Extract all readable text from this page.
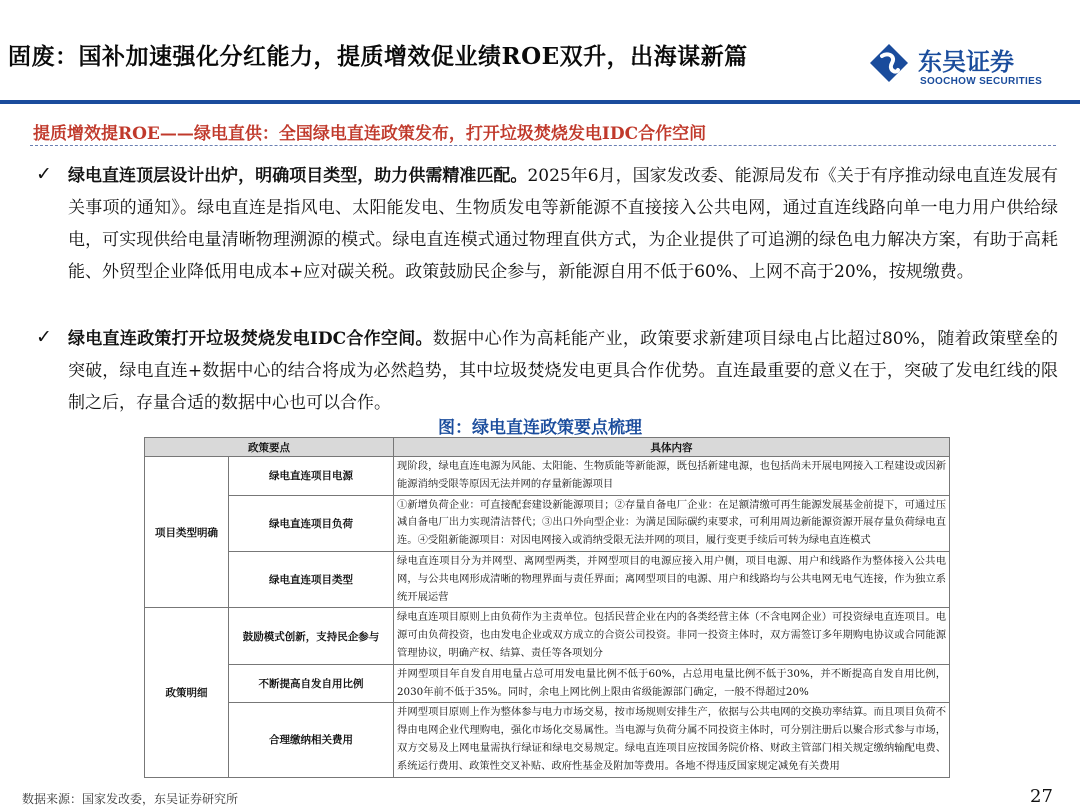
固废：国补加速强化分红能力，提质增效促业绩ROE双升，出海谋新篇	东吴证券
SOOCHOW SECURITIES
提质增效提ROE——绿电直供：全国绿电直连政策发布，打开垃圾焚烧发电IDC合作空间
✓ 绿电直连顶层设计出炉，明确项目类型，助力供需精准匹配。2025年6月，国家发改委、能源局发布《关于有序推动绿电直连发展有关事项的通知》。绿电直连是指风电、太阳能发电、生物质发电等新能源不直接接入公共电网，通过直连线路向单一电力用户供给绿电，可实现供给电量清晰物理溯源的模式。绿电直连模式通过物理直供方式，为企业提供了可追溯的绿色电力解决方案，有助于高耗能、外贸型企业降低用电成本+应对碳关税。政策鼓励民企参与，新能源自用不低于60%、上网不高于20%，按规缴费。
✓ 绿电直连政策打开垃圾焚烧发电IDC合作空间。数据中心作为高耗能产业，政策要求新建项目绿电占比超过80%，随着政策壁垒的突破，绿电直连+数据中心的结合将成为必然趋势，其中垃圾焚烧发电更具合作优势。直连最重要的意义在于，突破了发电红线的限制之后，存量合适的数据中心也可以合作。
图：绿电直连政策要点梳理
政策要点		具体内容
项目类型明确	绿电直连项目电源	现阶段，绿电直连电源为风能、太阳能、生物质能等新能源，既包括新建电源，也包括尚未开展电网接入工程建设或因新能源消纳受限等原因无法并网的存量新能源项目
	绿电直连项目负荷	①新增负荷企业：可直接配套建设新能源项目；②存量自备电厂企业：在足额清缴可再生能源发展基金前提下，可通过压减自备电厂出力实现清洁替代；③出口外向型企业：为满足国际碳约束要求，可利用周边新能源资源开展存量负荷绿电直连。④受阻新能源项目：对因电网接入或消纳受限无法并网的项目，履行变更手续后可转为绿电直连模式
	绿电直连项目类型	绿电直连项目分为并网型、离网型两类，并网型项目的电源应接入用户侧，项目电源、用户和线路作为整体接入公共电网，与公共电网形成清晰的物理界面与责任界面；离网型项目的电源、用户和线路均与公共电网无电气连接，作为独立系统开展运营
政策明细	鼓励模式创新，支持民企参与	绿电直连项目原则上由负荷作为主责单位。包括民营企业在内的各类经营主体（不含电网企业）可投资绿电直连项目。电源可由负荷投资，也由发电企业或双方成立的合资公司投资。非同一投资主体时，双方需签订多年期购电协议或合同能源管理协议，明确产权、结算、责任等各项划分
	不断提高自发自用比例	并网型项目年自发自用电量占总可用发电量比例不低于60%，占总用电量比例不低于30%，并不断提高自发自用比例，2030年前不低于35%。同时，余电上网比例上限由省级能源部门确定，一般不得超过20%
	合理缴纳相关费用	并网型项目原则上作为整体参与电力市场交易，按市场规则安排生产，依据与公共电网的交换功率结算。而且项目负荷不得由电网企业代理购电，强化市场化交易属性。当电源与负荷分属不同投资主体时，可分别注册后以聚合形式参与市场，双方交易及上网电量需执行绿证和绿电交易规定。绿电直连项目应按国务院价格、财政主管部门相关规定缴纳输配电费、系统运行费用、政策性交叉补贴、政府性基金及附加等费用。各地不得违反国家规定减免有关费用
数据来源：国家发改委，东吴证券研究所	27
